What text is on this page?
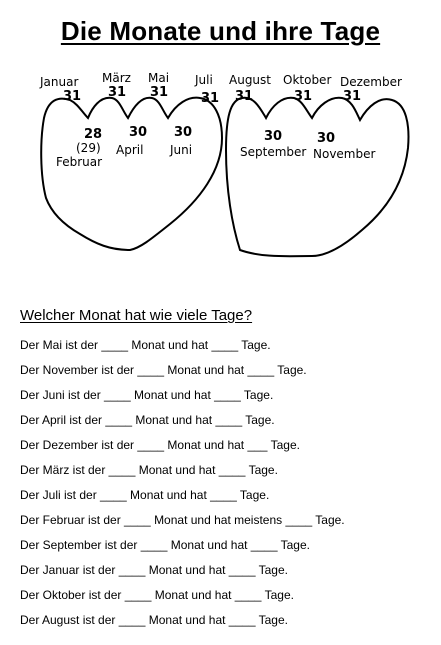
Die Monate und ihre Tage
Januar
31
März
31
Mai
31
Juli
31
August
31
Oktober
31
Dezember
31
28
(29)
Februar
30
April
30
Juni
30
September
30
November
Welcher Monat hat wie viele Tage?
Der Mai ist der ____ Monat und hat ____ Tage.
Der November ist der ____ Monat und hat ____ Tage.
Der Juni ist der ____ Monat und hat ____ Tage.
Der April ist der ____ Monat und hat ____ Tage.
Der Dezember ist der ____ Monat und hat ___ Tage.
Der März ist der ____ Monat und hat ____ Tage.
Der Juli ist der ____ Monat und hat ____ Tage.
Der Februar ist der ____ Monat und hat meistens ____ Tage.
Der September ist der ____ Monat und hat ____ Tage.
Der Januar ist der ____ Monat und hat ____ Tage.
Der Oktober ist der ____ Monat und hat ____ Tage.
Der August ist der ____ Monat und hat ____ Tage.
